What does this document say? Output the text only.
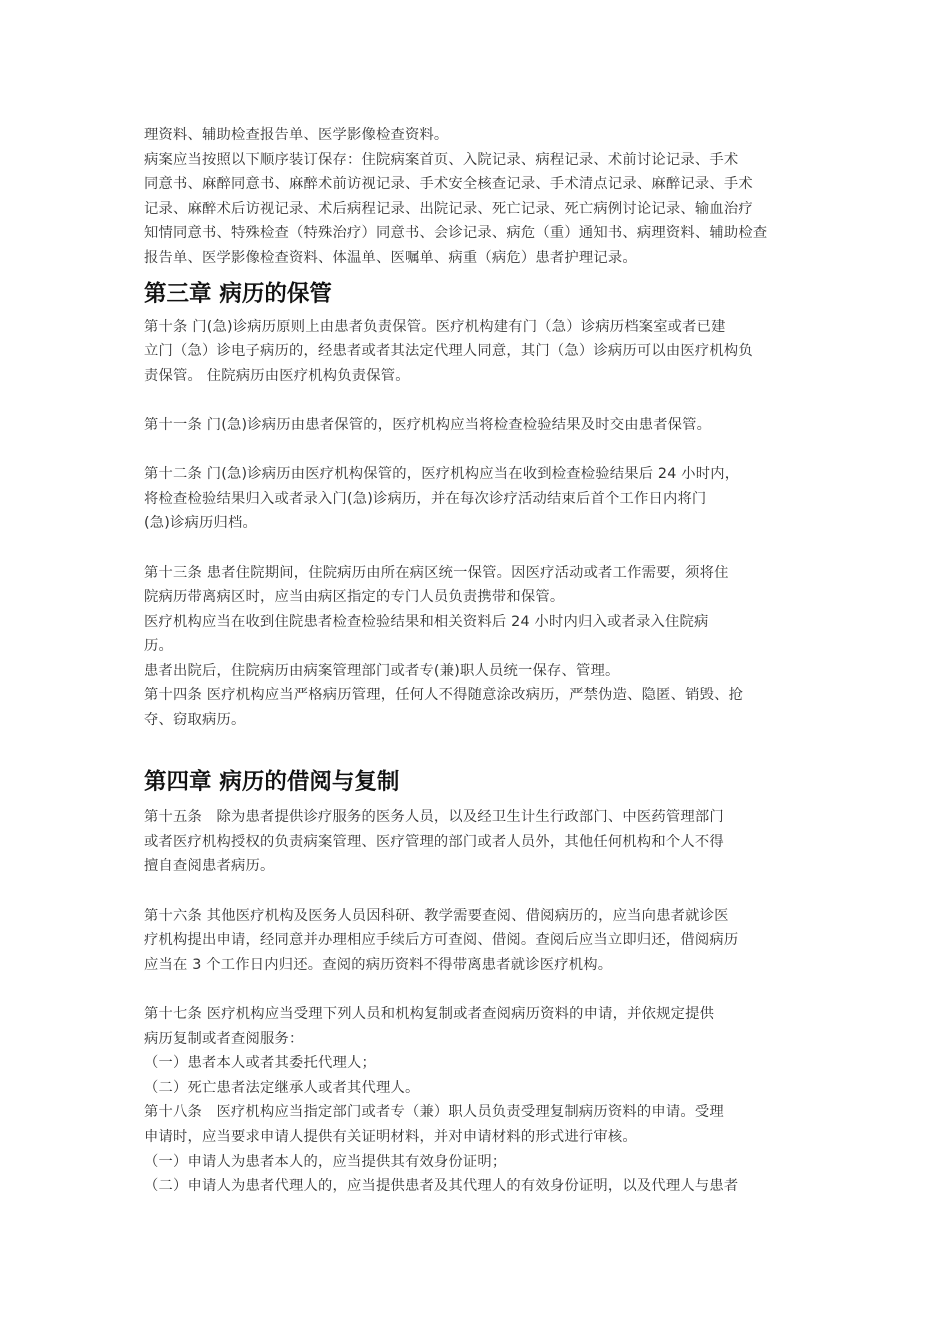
理资料、辅助检查报告单、医学影像检查资料。
病案应当按照以下顺序装订保存：住院病案首页、入院记录、病程记录、术前讨论记录、手术
同意书、麻醉同意书、麻醉术前访视记录、手术安全核查记录、手术清点记录、麻醉记录、手术
记录、麻醉术后访视记录、术后病程记录、出院记录、死亡记录、死亡病例讨论记录、输血治疗
知情同意书、特殊检查（特殊治疗）同意书、会诊记录、病危（重）通知书、病理资料、辅助检查
报告单、医学影像检查资料、体温单、医嘱单、病重（病危）患者护理记录。
第三章 病历的保管
第十条 门(急)诊病历原则上由患者负责保管。医疗机构建有门（急）诊病历档案室或者已建
立门（急）诊电子病历的，经患者或者其法定代理人同意，其门（急）诊病历可以由医疗机构负
责保管。 住院病历由医疗机构负责保管。
第十一条 门(急)诊病历由患者保管的，医疗机构应当将检查检验结果及时交由患者保管。
第十二条 门(急)诊病历由医疗机构保管的，医疗机构应当在收到检查检验结果后 24 小时内，
将检查检验结果归入或者录入门(急)诊病历，并在每次诊疗活动结束后首个工作日内将门
(急)诊病历归档。
第十三条 患者住院期间，住院病历由所在病区统一保管。因医疗活动或者工作需要，须将住
院病历带离病区时，应当由病区指定的专门人员负责携带和保管。
医疗机构应当在收到住院患者检查检验结果和相关资料后 24 小时内归入或者录入住院病
历。
患者出院后，住院病历由病案管理部门或者专(兼)职人员统一保存、管理。
第十四条 医疗机构应当严格病历管理，任何人不得随意涂改病历，严禁伪造、隐匿、销毁、抢
夺、窃取病历。
第四章 病历的借阅与复制
第十五条　除为患者提供诊疗服务的医务人员，以及经卫生计生行政部门、中医药管理部门
或者医疗机构授权的负责病案管理、医疗管理的部门或者人员外，其他任何机构和个人不得
擅自查阅患者病历。
第十六条 其他医疗机构及医务人员因科研、教学需要查阅、借阅病历的，应当向患者就诊医
疗机构提出申请，经同意并办理相应手续后方可查阅、借阅。查阅后应当立即归还，借阅病历
应当在 3 个工作日内归还。查阅的病历资料不得带离患者就诊医疗机构。
第十七条 医疗机构应当受理下列人员和机构复制或者查阅病历资料的申请，并依规定提供
病历复制或者查阅服务：
（一）患者本人或者其委托代理人；
（二）死亡患者法定继承人或者其代理人。
第十八条　医疗机构应当指定部门或者专（兼）职人员负责受理复制病历资料的申请。受理
申请时，应当要求申请人提供有关证明材料，并对申请材料的形式进行审核。
（一）申请人为患者本人的，应当提供其有效身份证明；
（二）申请人为患者代理人的，应当提供患者及其代理人的有效身份证明，以及代理人与患者
